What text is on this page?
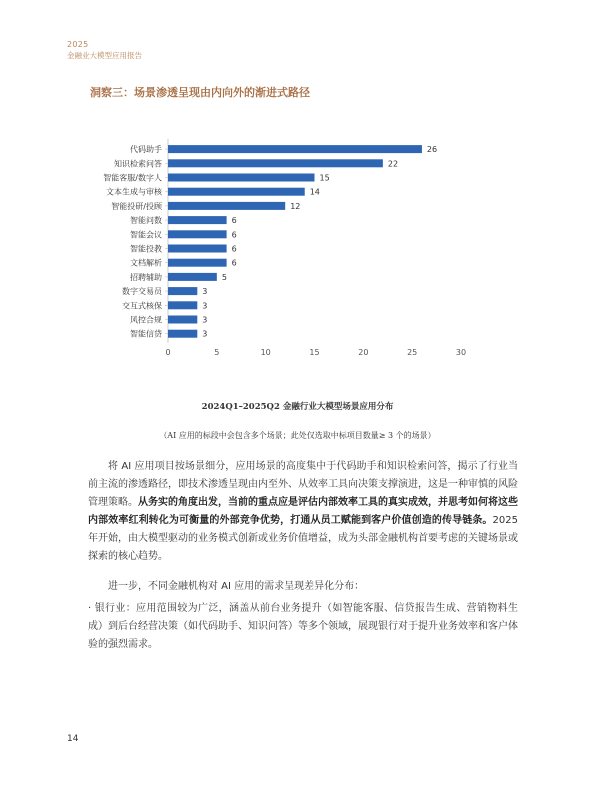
2025
金融业大模型应用报告
洞察三：场景渗透呈现由内向外的渐进式路径
代码助手	26
知识检索问答	22
智能客服/数字人	15
文本生成与审核	14
智能投研/投顾	12
智能问数	6
智能会议	6
智能投教	6
文档解析	6
招聘辅助	5
数字交易员	3
交互式核保	3
风控合规	3
智能信贷	3
0	5	10	15	20	25	30
2024Q1–2025Q2 金融行业大模型场景应用分布
（AI 应用的标段中会包含多个场景；此处仅选取中标项目数量≥ 3 个的场景）
将 AI 应用项目按场景细分，应用场景的高度集中于代码助手和知识检索问答，揭示了行业当前主流的渗透路径，即技术渗透呈现由内至外、从效率工具向决策支撑演进，这是一种审慎的风险管理策略。从务实的角度出发，当前的重点应是评估内部效率工具的真实成效，并思考如何将这些内部效率红利转化为可衡量的外部竞争优势，打通从员工赋能到客户价值创造的传导链条。2025 年开始，由大模型驱动的业务模式创新或业务价值增益，成为头部金融机构首要考虑的关键场景或探索的核心趋势。
进一步，不同金融机构对 AI 应用的需求呈现差异化分布：
· 银行业：应用范围较为广泛，涵盖从前台业务提升（如智能客服、信贷报告生成、营销物料生成）到后台经营决策（如代码助手、知识问答）等多个领域，展现银行对于提升业务效率和客户体验的强烈需求。
14
